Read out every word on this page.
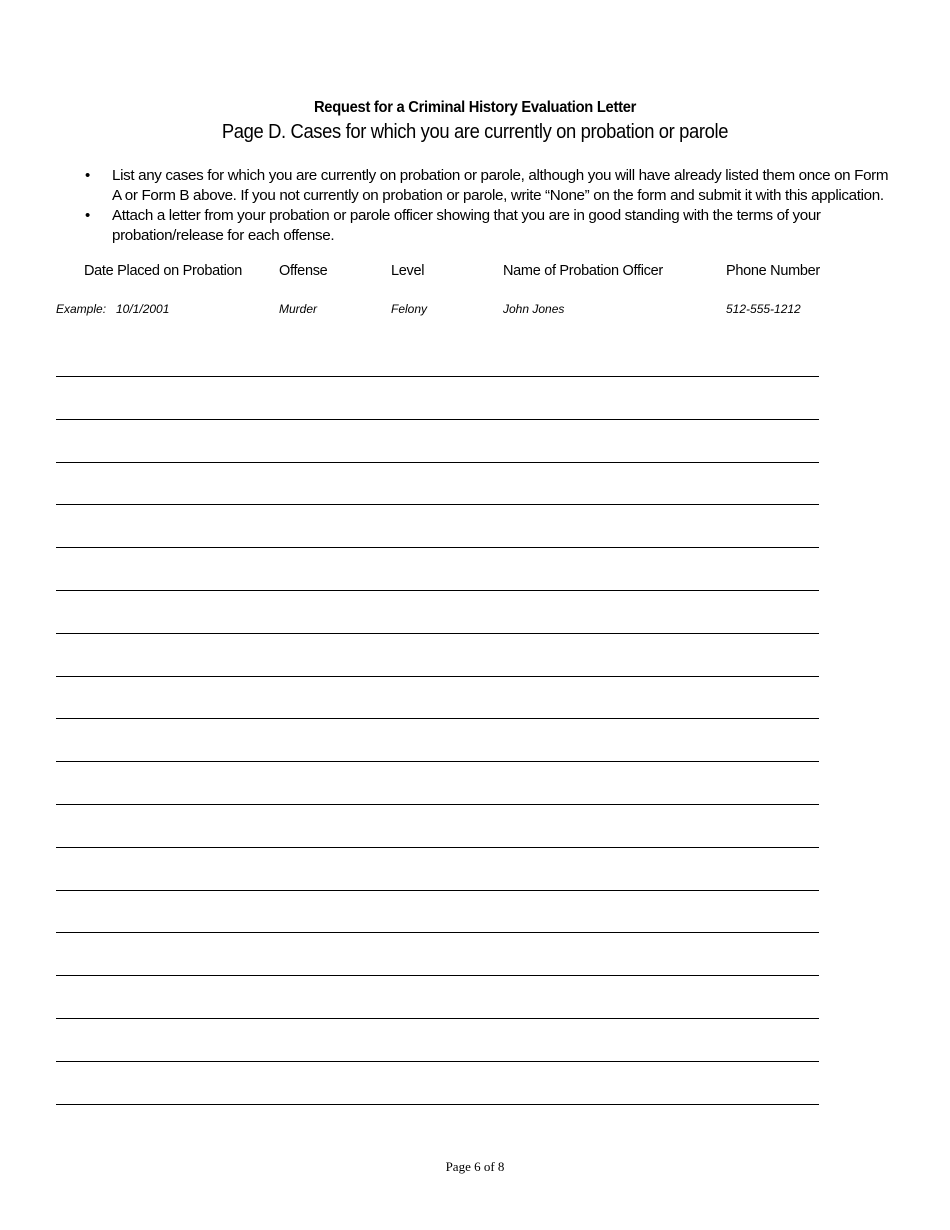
Request for a Criminal History Evaluation Letter
Page D. Cases for which you are currently on probation or parole
• List any cases for which you are currently on probation or parole, although you will have already listed them once on Form A or Form B above. If you not currently on probation or parole, write “None” on the form and submit it with this application.
• Attach a letter from your probation or parole officer showing that you are in good standing with the terms of your probation/release for each offense.
Date Placed on Probation	Offense	Level	Name of Probation Officer	Phone Number
Example: 10/1/2001	Murder	Felony	John Jones	512-555-1212
Page 6 of 8
